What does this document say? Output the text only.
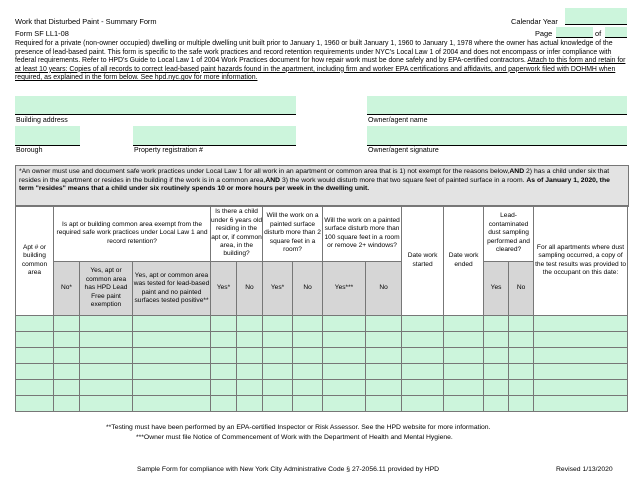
Work that Disturbed Paint - Summary Form
Form SF LL1-08
Calendar Year
Page	of
Required for a private (non-owner occupied) dwelling or multiple dwelling unit built prior to January 1, 1960 or built January 1, 1960 to January 1, 1978 where the owner has actual knowledge of the presence of lead-based paint. This form is specific to the safe work practices and record retention requirements under NYC's Local Law 1 of 2004 and does not encompass or infer compliance with federal requirements. Refer to HPD's Guide to Local Law 1 of 2004 Work Practices document for how repair work must be done safely and by EPA-certified contractors. Attach to this form and retain for at least 10 years: Copies of all records to correct lead-based paint hazards found in the apartment, including firm and worker EPA certifications and affidavits, and paperwork filed with DOHMH when required, as explained in the form below. See hpd.nyc.gov for more information.
Building address	Owner/agent name
Borough	Property registration #	Owner/agent signature
*An owner must use and document safe work practices under Local Law 1 for all work in an apartment or common area that is 1) not exempt for the reasons below,AND 2) has a child under six that resides in the apartment or resides in the building if the work is in a common area,AND 3) the work would disturb more that two square feet of painted surface in a room. As of January 1, 2020, the term "resides" means that a child under six routinely spends 10 or more hours per week in the dwelling unit.
Apt # or building common area	Is apt or building common area exempt from the required safe work practices under Local Law 1 and record retention?			Is there a child under 6 years old residing in the apt or, if common area, in the building?		Will the work on a painted surface disturb more than 2 square feet in a room?		Will the work on a painted surface disturb more than 100 square feet in a room or remove 2+ windows?		Date work started	Date work ended	Lead-contaminated dust sampling performed and cleared?		For all apartments where dust sampling occurred, a copy of the test results was provided to the occupant on this date:
	No*	Yes, apt or common area has HPD Lead Free paint exemption	Yes, apt or common area was tested for lead-based paint and no painted surfaces tested positive**	Yes*	No	Yes*	No	Yes***	No			Yes	No	

**Testing must have been performed by an EPA-certified Inspector or Risk Assessor. See the HPD website for more information.
***Owner must file Notice of Commencement of Work with the Department of Health and Mental Hygiene.
Sample Form for compliance with New York City Administrative Code § 27-2056.11 provided by HPD	Revised 1/13/2020
